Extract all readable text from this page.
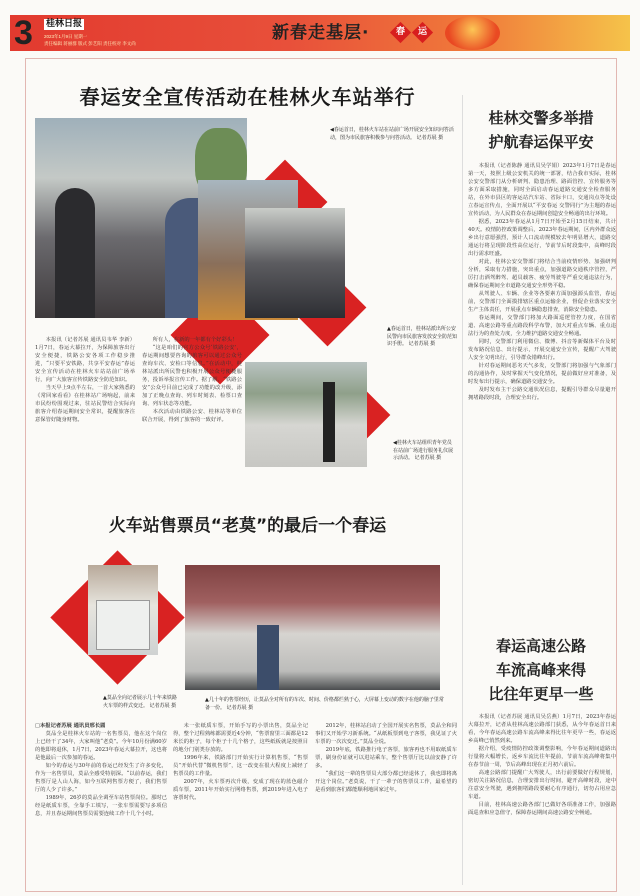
3 桂林日报
2023年1月9日 星期一
责任编辑 蒋丽群 版式 彭艺阳 责任校对 李文尚
新春走基层·	春	运
春运安全宣传活动在桂林火车站举行
◀春运首日，桂林火车站在站前广场开展安全知识问答活动，图为市民旅客积极参与问答活动。 记者苏展 摄
▲春运首日，桂林站派出所公安民警向市民旅客发放安全防范知识手册。 记者苏展 摄
◀桂林火车站组织青年党员在站前广场进行服务礼仪展示活动。 记者苏展 摄

本报讯（记者苏展 通讯员韦华 李新）1月7日，春运大幕拉开，为保障旅客出行安全便捷，铁路公安各项工作稳步推进，“只要平安铁路，共享平安春运”春运安全宣传活动在桂林火车站站前广场举行，向广大旅客宣传铁路安全防范知识。

当天早上9点半左右，一首大家熟悉的《常回家看看》在桂林站广场响起，前来市民纷纷围观过来，驻站民警结合实际向旅客介绍春运期间安全常识，提醒旅客注意保管好随身财物。

所有人，在新的一年都有个好彩头！

“这是咱们的官方公众号‘铁路公安’，春运期间想要咨询的旅客可以通过公众号查询车次、安检口等信息。”在活动中，桂林站派出所民警也积极开展公众号便捷服务，投诉举报宣传工作。据了解，“铁路公安”公众号目前已完成了功能的改升级，添加了正晚点查询、列车时刻表、检票口查询、列车状态等功能。

本次活动由铁路公安、桂林站等单位联合开展，得到了旅客的一致好评。

火车站售票员“老莫”的最后一个春运
▲莫品全向记者展示几十年来铁路火车票的样式变迁。 记者苏展 摄
▲几十年的售票经历，让莫品全对所有的车次、时间、价格都烂熟于心，大屏幕上变动的数字在他的脑子里常备一份。 记者苏展 摄
□本报记者苏展 通讯员邢长圆

莫品全是桂林火车站的一名售票员，他在这个岗位上已经干了34年，大家叫他“老莫”。今年10月份满60岁的他即将退休，1月7日，2023年春运大幕拉开，这也将是他最后一次参加的春运。

如今的春运与30年前的春运已经发生了许多变化，作为一名售票员，莫品全感受特别深。“以前春运，我们售票厅是人山人海，如今互联网售票方便了，我们售票厅的人少了许多。”

1989年，26岁的莫品全调至车站售票岗位。那时已经是纸质车票，全靠手工填写，一张车票需要写多项信息，并且春运期间售票员需要连续工作十几个小时。

未一张纸质车票，开始手写的小票出售，莫品全记得，整个过程熟练都需要近4分钟，“售票窗里三面都是12米长的柜子，每个柜子十几个格子，这些纸板就是按照目的地分门别类存放的。

1996年来，铁路部门开始实行计算机售票，“售票员”开始代替“微机售票”，这一改变在很大程度上减轻了售票员的工作量。

2007年，火车票再次升级，变成了现在的蓝色磁介质车票，2011年开始实行网络售票，到2019年进入电子客票时代。

2012年，桂林站启动了全国开展实名售票，莫品全和同事们又开始学习新系统。“从纸板票到电子客票，我见证了火车票的一次次变迁。”莫品全说。

2019年底，铁路推行电子客票，旅客再也不用取纸质车票，刷身份证就可以进站乘车，整个售票厅比以前安静了许多。

“我们这一辈的售票员大部分都已经退休了，我也即将离开这个岗位。”老莫说，干了一辈子的售票员工作，最希望的是看到旅客们都能顺利地回家过年。

桂林交警多举措
护航春运保平安

本报讯（记者陈静 通讯员吴学娟）2023年1月7日是春运第一天，按照上级公安机关的统一部署，结合我市实际，桂林公安交警部门从分析研判、隐患治理、路面管控、宣传服务等多方面采取措施，同时全面启动春运道路交通安全检查服务站，在外市县区的客运站汽车站、省际卡口，交通岗点等处设立春运宣传点，全面开展以“平安春运 交警同行”为主题的春运宣传活动，为人民群众在春运期间创造安全畅通的出行环境。

据悉，2023年春运从1月7日开始至2月15日结束，共计40天。疫情防控政策调整后，2023年春运期间，区内外群众返乡出行意愿强烈，预计人口流动规模较去年明显增大，道路交通运行将呈现阶段性高位运行，节前节后时段集中，高峰时段出行需求旺盛。

对此，桂林公安交警部门将结合当前疫情形势、加强研判分析，采取有力措施，突出重点，加强道路交通秩序管控，严厉打击酒驾醉驾、超员载客、疲劳驾驶等严重交通违法行为，确保春运期间全市道路交通安全形势平稳。

从驾驶人、车辆、企业等各要素方面加强源头监管，春运前，交警部门全面摸排辖区重点运输企业，督促企业落实安全生产主体责任，开展重点车辆隐患排查，消除安全隐患。

春运期间，交警部门将加大路面巡逻管控力度，在国省道、高速公路等重点路段科学布警，加大对重点车辆、重点违法行为的查处力度，全力维护道路交通安全畅通。

同时，交警部门利用微信、微博、抖音等新媒体平台及时发布路况信息、出行提示，开展交通安全宣传，提醒广大驾驶人安全文明出行，引导群众错峰出行。

针对春运期间恶劣天气多发，交警部门将加强与气象部门的沟通协作，及时掌握天气变化情况，提前做好应对准备，及时发布出行提示，确保道路交通安全。

及时发布主干公路交通状况信息，提醒引导群众尽量避开拥堵路段时段，合理安全出行。

春运高速公路
车流高峰来得
比往年更早一些

本报讯（记者苏展 通讯员吴岳燕）1月7日，2023年春运大幕拉开，记者从桂林高速公路部门获悉，从今年春运首日来看，今年春运高速公路车流高峰来得比往年更早一些，春运返乡高峰已悄然到来。

据介绍，受疫情防控政策调整影响，今年春运期间道路出行量将大幅增长，返乡车流比往年提前，节前车流高峰将集中在春节前一周，节后高峰出现在正月初六前后。

高速公路部门提醒广大驾驶人，出行前要做好行程规划，密切关注路况信息，合理安排出行时间，避开高峰时段，途中注意安全驾驶，遇到拥堵路段要耐心有序通行，切勿占用应急车道。

目前，桂林高速公路各部门已做好各项准备工作，加强路面巡查和应急值守，保障春运期间高速公路安全畅通。
